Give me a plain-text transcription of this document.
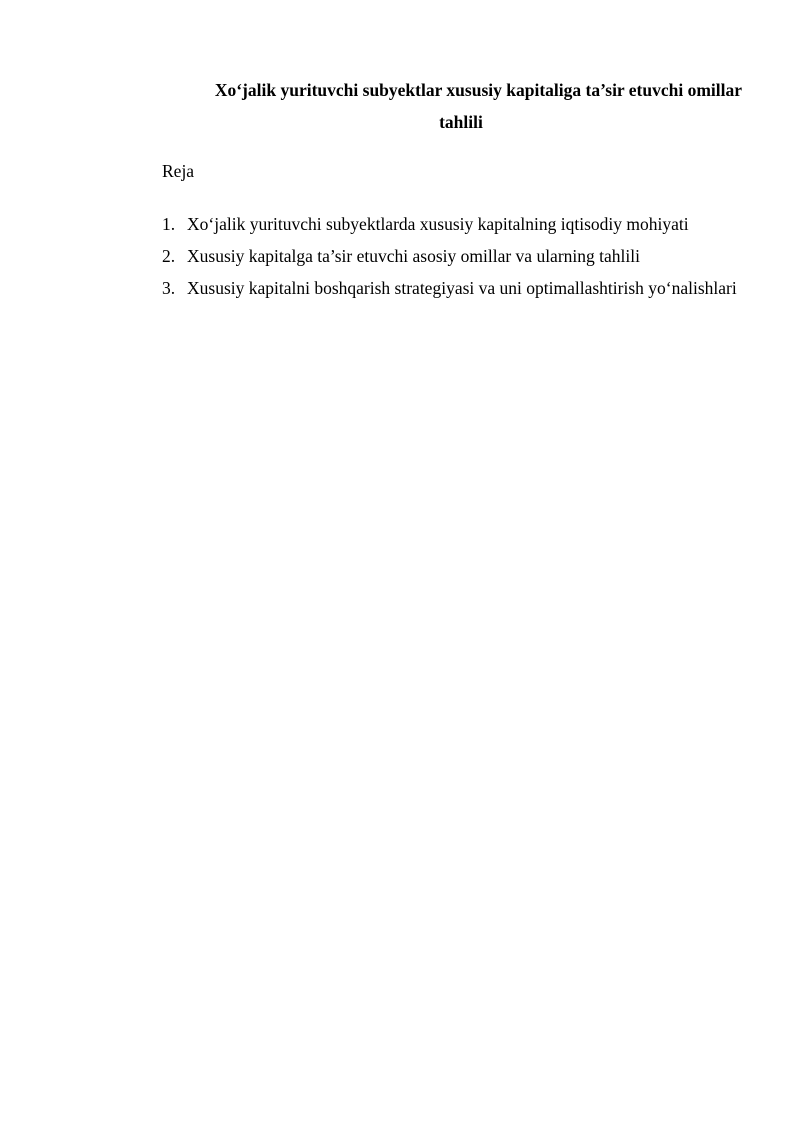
Xo‘jalik yurituvchi subyektlar xususiy kapitaliga ta’sir etuvchi omillar
tahlili
Reja
1. Xo‘jalik yurituvchi subyektlarda xususiy kapitalning iqtisodiy mohiyati
2. Xususiy kapitalga ta’sir etuvchi asosiy omillar va ularning tahlili
3. Xususiy kapitalni boshqarish strategiyasi va uni optimallashtirish yo‘nalishlari
